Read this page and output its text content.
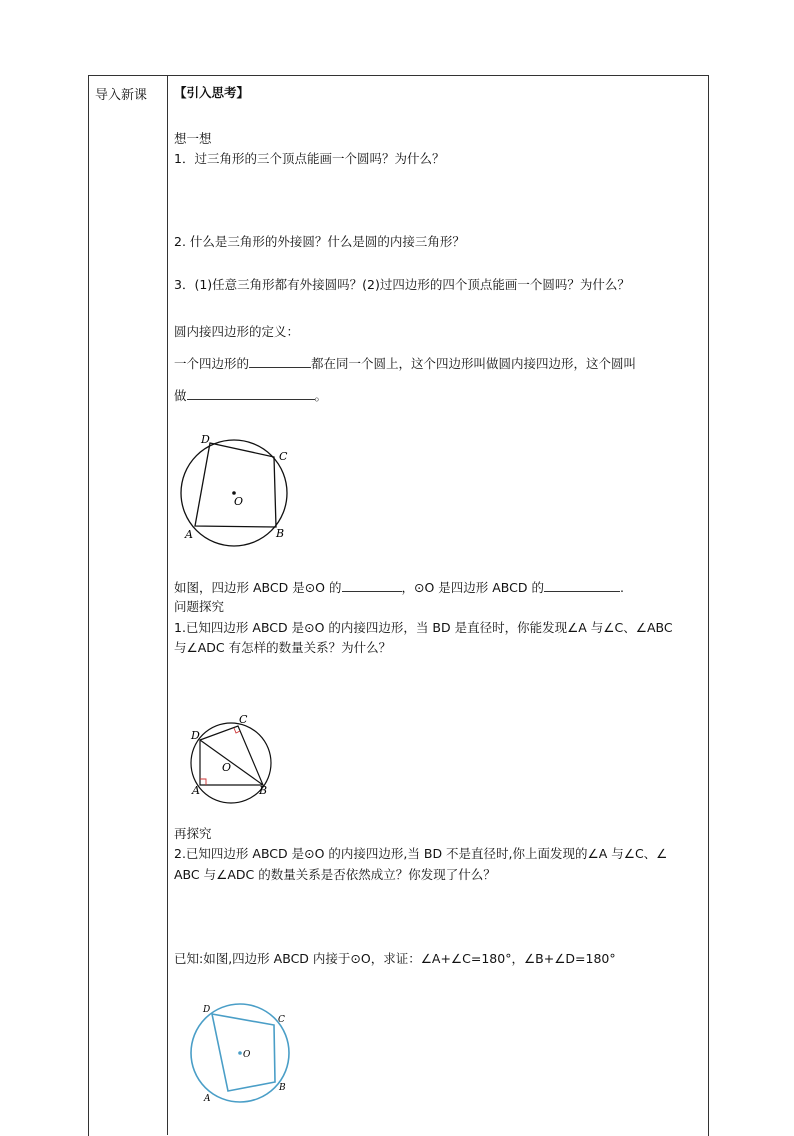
导入新课 【引入思考】
想一想
1．过三角形的三个顶点能画一个圆吗？为什么？
2. 什么是三角形的外接圆？什么是圆的内接三角形？
3．(1)任意三角形都有外接圆吗？(2)过四边形的四个顶点能画一个圆吗？为什么？
圆内接四边形的定义：
一个四边形的	都在同一个圆上，这个四边形叫做圆内接四边形，这个圆叫
做	。
D
C
O
A	B
如图，四边形 ABCD 是⊙O 的	，⊙O 是四边形 ABCD 的	.
问题探究
1.已知四边形 ABCD 是⊙O 的内接四边形，当 BD 是直径时，你能发现∠A 与∠C、∠ABC
与∠ADC 有怎样的数量关系？为什么？
D
C
O
A	B
再探究
2.已知四边形 ABCD 是⊙O 的内接四边形,当 BD 不是直径时,你上面发现的∠A 与∠C、∠
ABC 与∠ADC 的数量关系是否依然成立？你发现了什么？
已知:如图,四边形 ABCD 内接于⊙O，求证：∠A+∠C=180°，∠B+∠D=180°
D
C
O
A
B
